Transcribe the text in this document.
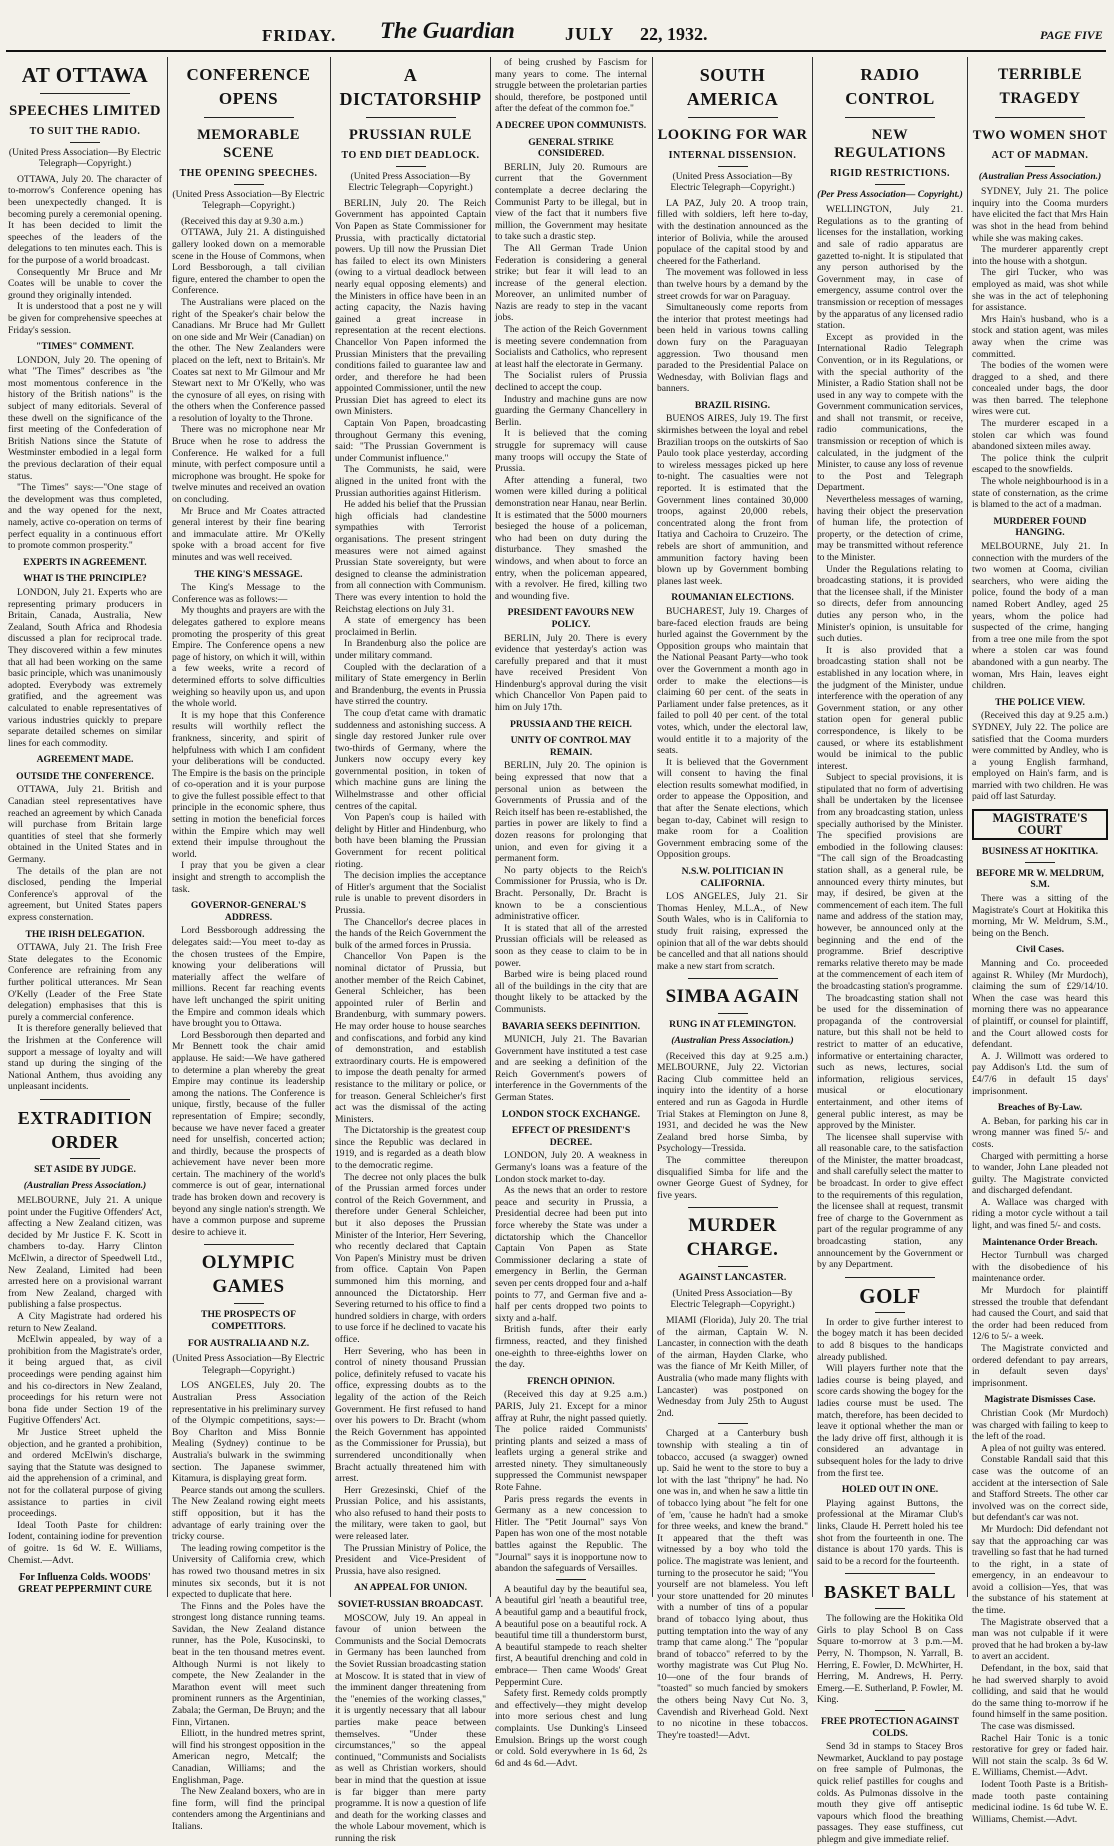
FRIDAY. The Guardian	JULY 22, 1932.	PAGE FIVE
AT OTTAWA
SPEECHES LIMITED
TO SUIT THE RADIO.
(United Press Association—By Electric Telegraph—Copyright.)

OTTAWA, July 20. The character of to-morrow's Conference opening has been unexpectedly changed. It is becoming purely a ceremonial opening. It has been decided to limit the speeches of the leaders of the delegations to ten minutes each. This is for the purpose of a world broadcast.

Consequently Mr Bruce and Mr Coates will be unable to cover the ground they originally intended.

It is understood that a post ne y will be given for comprehensive speeches at Friday's session.

"TIMES" COMMENT.

LONDON, July 20. The opening of what "The Times" describes as "the most momentous conference in the history of the British nations" is the subject of many editorials. Several of these dwell on the significance of the first meeting of the Confederation of British Nations since the Statute of Westminster embodied in a legal form the previous declaration of their equal status.

"The Times" says:—"One stage of the development was thus completed, and the way opened for the next, namely, active co-operation on terms of perfect equality in a continuous effort to promote common prosperity."

EXPERTS IN AGREEMENT.
WHAT IS THE PRINCIPLE?

LONDON, July 21. Experts who are representing primary producers in Britain, Canada, Australia, New Zealand, South Africa and Rhodesia discussed a plan for reciprocal trade. They discovered within a few minutes that all had been working on the same basic principle, which was unanimously adopted. Everybody was extremely gratified, and the agreement was calculated to enable representatives of various industries quickly to prepare separate detailed schemes on similar lines for each commodity.

AGREEMENT MADE.
OUTSIDE THE CONFERENCE.

OTTAWA, July 21. British and Canadian steel representatives have reached an agreement by which Canada will purchase from Britain large quantities of steel that she formerly obtained in the United States and in Germany.

The details of the plan are not disclosed, pending the Imperial Conference's approval of the agreement, but United States papers express consternation.

THE IRISH DELEGATION.

OTTAWA, July 21. The Irish Free State delegates to the Economic Conference are refraining from any further political utterances. Mr Sean O'Kelly (Leader of the Free State delegation) emphasises that this is purely a commercial conference.

It is therefore generally believed that the Irishmen at the Conference will support a message of loyalty and will stand up during the singing of the National Anthem, thus avoiding any unpleasant incidents.

EXTRADITION ORDER
SET ASIDE BY JUDGE.
(Australian Press Association.)

MELBOURNE, July 21. A unique point under the Fugitive Offenders' Act, affecting a New Zealand citizen, was decided by Mr Justice F. K. Scott in chambers to-day. Harry Clinton McElwin, a director of Speedwell Ltd., New Zealand, Limited had been arrested here on a provisional warrant from New Zealand, charged with publishing a false prospectus.

A City Magistrate had ordered his return to New Zealand.

McElwin appealed, by way of a prohibition from the Magistrate's order, it being argued that, as civil proceedings were pending against him and his co-directors in New Zealand, proceedings for his return were not bona fide under Section 19 of the Fugitive Offenders' Act.

Mr Justice Street upheld the objection, and he granted a prohibition, and ordered McElwin's discharge, saying that the Statute was designed to aid the apprehension of a criminal, and not for the collateral purpose of giving assistance to parties in civil proceedings.

Ideal Tooth Paste for children: Iodent, containing iodine for prevention of goitre. 1s 6d W. E. Williams, Chemist.—Advt.

For Influenza Colds. WOODS' GREAT PEPPERMINT CURE
CONFERENCE OPENS
MEMORABLE SCENE
THE OPENING SPEECHES.
(United Press Association—By Electric Telegraph—Copyright.)

(Received this day at 9.30 a.m.)

OTTAWA, July 21. A distinguished gallery looked down on a memorable scene in the House of Commons, when Lord Bessborough, a tall civilian figure, entered the chamber to open the Conference.

The Australians were placed on the right of the Speaker's chair below the Canadians. Mr Bruce had Mr Gullett on one side and Mr Weir (Canadian) on the other. The New Zealanders were placed on the left, next to Britain's. Mr Coates sat next to Mr Gilmour and Mr Stewart next to Mr O'Kelly, who was the cynosure of all eyes, on rising with the others when the Conference passed a resolution of loyalty to the Throne.

There was no microphone near Mr Bruce when he rose to address the Conference. He walked for a full minute, with perfect composure until a microphone was brought. He spoke for twelve minutes and received an ovation on concluding.

Mr Bruce and Mr Coates attracted general interest by their fine bearing and immaculate attire. Mr O'Kelly spoke with a broad accent for five minutes and was well received.

THE KING'S MESSAGE.

The King's Message to the Conference was as follows:—

My thoughts and prayers are with the delegates gathered to explore means promoting the prosperity of this great Empire. The Conference opens a new page of history, on which it will, within a few weeks, write a record of determined efforts to solve difficulties weighing so heavily upon us, and upon the whole world.

It is my hope that this Conference results will worthily reflect the frankness, sincerity, and spirit of helpfulness with which I am confident your deliberations will be conducted. The Empire is the basis on the principle of co-operation and it is your purpose to give the fullest possible effect to that principle in the economic sphere, thus setting in motion the beneficial forces within the Empire which may well extend their impulse throughout the world.

I pray that you be given a clear insight and strength to accomplish the task.

GOVERNOR-GENERAL'S ADDRESS.

Lord Bessborough addressing the delegates said:—You meet to-day as the chosen trustees of the Empire, knowing your deliberations will materially affect the welfare of millions. Recent far reaching events have left unchanged the spirit uniting the Empire and common ideals which have brought you to Ottawa.

Lord Bessborough then departed and Mr Bennett took the chair amid applause. He said:—We have gathered to determine a plan whereby the great Empire may continue its leadership among the nations. The Conference is unique, firstly, because of the fuller representation of Empire; secondly, because we have never faced a greater need for unselfish, concerted action; and thirdly, because the prospects of achievement have never been more certain. The machinery of the world's commerce is out of gear, international trade has broken down and recovery is beyond any single nation's strength. We have a common purpose and supreme desire to achieve it.

OLYMPIC GAMES
THE PROSPECTS OF COMPETITORS.
FOR AUSTRALIA AND N.Z.
(United Press Association—By Electric Telegraph—Copyright.)

LOS ANGELES, July 20. The Australian Press Association representative in his preliminary survey of the Olympic competitions, says:— Boy Charlton and Miss Bonnie Mealing (Sydney) continue to be Australia's bulwark in the swimming section. The Japanese swimmer, Kitamura, is displaying great form.

Pearce stands out among the scullers. The New Zealand rowing eight meets stiff opposition, but it has the advantage of early training over the tricky course.

The leading rowing competitor is the University of California crew, which has rowed two thousand metres in six minutes six seconds, but it is not expected to duplicate that here.

The Finns and the Poles have the strongest long distance running teams. Savidan, the New Zealand distance runner, has the Pole, Kusocinski, to beat in the ten thousand metres event. Although Nurmi is not likely to compete, the New Zealander in the Marathon event will meet such prominent runners as the Argentinian, Zabala; the German, De Bruyn; and the Finn, Virtanen.

Elliott, in the hundred metres sprint, will find his strongest opposition in the American negro, Metcalf; the Canadian, Williams; and the Englishman, Page.

The New Zealand boxers, who are in fine form, will find the principal contenders among the Argentinians and Italians.

A DICTATORSHIP
PRUSSIAN RULE
TO END DIET DEADLOCK.
(United Press Association—By Electric Telegraph—Copyright.)

BERLIN, July 20. The Reich Government has appointed Captain Von Papen as State Commissioner for Prussia, with practically dictatorial powers. Up till now the Prussian Diet has failed to elect its own Ministers (owing to a virtual deadlock between nearly equal opposing elements) and the Ministers in office have been in an acting capacity, the Nazis having gained a great increase in representation at the recent elections. Chancellor Von Papen informed the Prussian Ministers that the prevailing conditions failed to guarantee law and order, and therefore he had been appointed Commissioner, until the new Prussian Diet has agreed to elect its own Ministers.

Captain Von Papen, broadcasting throughout Germany this evening, said: "The Prussian Government is under Communist influence."

The Communists, he said, were aligned in the united front with the Prussian authorities against Hitlerism.

He added his belief that the Prussian high officials had clandestine sympathies with Terrorist organisations. The present stringent measures were not aimed against Prussian State sovereignty, but were designed to cleanse the administration from all connection with Communism. There was every intention to hold the Reichstag elections on July 31.

A state of emergency has been proclaimed in Berlin.

In Brandenburg also the police are under military command.

Coupled with the declaration of a military of State emergency in Berlin and Brandenburg, the events in Prussia have stirred the country.

The coup d'etat came with dramatic suddenness and astonishing success. A single day restored Junker rule over two-thirds of Germany, where the Junkers now occupy every key governmental position, in token of which machine guns are lining the Wilhelmstrasse and other official centres of the capital.

Von Papen's coup is hailed with delight by Hitler and Hindenburg, who both have been blaming the Prussian Government for recent political rioting.

The decision implies the acceptance of Hitler's argument that the Socialist rule is unable to prevent disorders in Prussia.

The Chancellor's decree places in the hands of the Reich Government the bulk of the armed forces in Prussia.

Chancellor Von Papen is the nominal dictator of Prussia, but another member of the Reich Cabinet, General Schleicher, has been appointed ruler of Berlin and Brandenburg, with summary powers. He may order house to house searches and confiscations, and forbid any kind of demonstration, and establish extraordinary courts. He is empowered to impose the death penalty for armed resistance to the military or police, or for treason. General Schleicher's first act was the dismissal of the acting Ministers.

The Dictatorship is the greatest coup since the Republic was declared in 1919, and is regarded as a death blow to the democratic regime.

The decree not only places the bulk of the Prussian armed forces under control of the Reich Government, and therefore under General Schleicher, but it also deposes the Prussian Minister of the Interior, Herr Severing, who recently declared that Captain Von Papen's Ministry must be driven from office. Captain Von Papen summoned him this morning, and announced the Dictatorship. Herr Severing returned to his office to find a hundred soldiers in charge, with orders to use force if he declined to vacate his office.

Herr Severing, who has been in control of ninety thousand Prussian police, definitely refused to vacate his office, expressing doubts as to the legality of the action of the Reich Government. He first refused to hand over his powers to Dr. Bracht (whom the Reich Government has appointed as the Commissioner for Prussia), but surrendered unconditionally when Bracht actually threatened him with arrest.

Herr Grezesinski, Chief of the Prussian Police, and his assistants, who also refused to hand their posts to the military, were taken to gaol, but were released later.

The Prussian Ministry of Police, the President and Vice-President of Prussia, have also resigned.

AN APPEAL FOR UNION.
SOVIET-RUSSIAN BROADCAST.

MOSCOW, July 19. An appeal in favour of union between the Communists and the Social Democrats in Germany has been launched from the Soviet Russian broadcasting station at Moscow. It is stated that in view of the imminent danger threatening from the "enemies of the working classes," it is urgently necessary that all labour parties make peace between themselves. "Under these circumstances," so the appeal continued, "Communists and Socialists as well as Christian workers, should bear in mind that the question at issue is far bigger than mere party programme. It is now a question of life and death for the working classes and the whole Labour movement, which is running the risk

of being crushed by Fascism for many years to come. The internal struggle between the proletarian parties should, therefore, be postponed until after the defeat of the common foe."

A DECREE UPON COMMUNISTS.
GENERAL STRIKE CONSIDERED.

BERLIN, July 20. Rumours are current that the Government contemplate a decree declaring the Communist Party to be illegal, but in view of the fact that it numbers five million, the Government may hesitate to take such a drastic step.

The All German Trade Union Federation is considering a general strike; but fear it will lead to an increase of the general election. Moreover, an unlimited number of Nazis are ready to step in the vacant jobs.

The action of the Reich Government is meeting severe condemnation from Socialists and Catholics, who represent at least half the electorate in Germany.

The Socialist rulers of Prussia declined to accept the coup.

Industry and machine guns are now guarding the Germany Chancellery in Berlin.

It is believed that the coming struggle for supremacy will cause many troops will occupy the State of Prussia.

After attending a funeral, two women were killed during a political demonstration near Hanau, near Berlin. It is estimated that the 5000 mourners besieged the house of a policeman, who had been on duty during the disturbance. They smashed the windows, and when about to force an entry, when the policeman appeared, with a revolver. He fired, killing two and wounding five.

PRESIDENT FAVOURS NEW POLICY.

BERLIN, July 20. There is every evidence that yesterday's action was carefully prepared and that it must have received President Von Hindenburg's approval during the visit which Chancellor Von Papen paid to him on July 17th.

PRUSSIA AND THE REICH.
UNITY OF CONTROL MAY REMAIN.

BERLIN, July 20. The opinion is being expressed that now that a personal union as between the Governments of Prussia and of the Reich itself has been re-established, the parties in power are likely to find a dozen reasons for prolonging that union, and even for giving it a permanent form.

No party objects to the Reich's Commissioner for Prussia, who is Dr. Bracht. Personally, Dr. Bracht is known to be a conscientious administrative officer.

It is stated that all of the arrested Prussian officials will be released as soon as they cease to claim to be in power.

Barbed wire is being placed round all of the buildings in the city that are thought likely to be attacked by the Communists.

BAVARIA SEEKS DEFINITION.

MUNICH, July 21. The Bavarian Government have instituted a test case and are seeking a definition of the Reich Government's powers of interference in the Governments of the German States.

LONDON STOCK EXCHANGE.
EFFECT OF PRESIDENT'S DECREE.

LONDON, July 20. A weakness in Germany's loans was a feature of the London stock market to-day.

As the news that an order to restore peace and security in Prussia, a Presidential decree had been put into force whereby the State was under a dictatorship which the Chancellor Captain Von Papen as State Commissioner declaring a state of emergency in Berlin, the German seven per cents dropped four and a-half points to 77, and German five and a-half per cents dropped two points to sixty and a-half.

British funds, after their early firmness, reacted, and they finished one-eighth to three-eighths lower on the day.

FRENCH OPINION.

(Received this day at 9.25 a.m.) PARIS, July 21. Except for a minor affray at Ruhr, the night passed quietly. The police raided Communists' printing plants and seized a mass of leaflets urging a general strike and arrested ninety. They simultaneously suppressed the Communist newspaper Rote Fahne.

Paris press regards the events in Germany as a new concession to Hitler. The "Petit Journal" says Von Papen has won one of the most notable battles against the Republic. The "Journal" says it is inopportune now to abandon the safeguards of Versailles.

A beautiful day by the beautiful sea, A beautiful girl 'neath a beautiful tree, A beautiful gamp and a beautiful frock, A beautiful pose on a beautiful rock. A beautiful time till a thunderstorm burst, A beautiful stampede to reach shelter first, A beautiful drenching and cold in embrace— Then came Woods' Great Peppermint Cure.

Safety first. Remedy colds promptly and effectively—they might develop into more serious chest and lung complaints. Use Dunking's Linseed Emulsion. Brings up the worst cough or cold. Sold everywhere in 1s 6d, 2s 6d and 4s 6d.—Advt.

SOUTH AMERICA
LOOKING FOR WAR
INTERNAL DISSENSION.
(United Press Association—By Electric Telegraph—Copyright.)

LA PAZ, July 20. A troop train, filled with soldiers, left here to-day, with the destination announced as the interior of Bolivia, while the aroused populace of the capital stood by and cheered for the Fatherland.

The movement was followed in less than twelve hours by a demand by the street crowds for war on Paraguay.

Simultaneously come reports from the interior that protest meetings had been held in various towns calling down fury on the Paraguayan aggression. Two thousand men paraded to the Presidential Palace on Wednesday, with Bolivian flags and banners.

BRAZIL RISING.

BUENOS AIRES, July 19. The first skirmishes between the loyal and rebel Brazilian troops on the outskirts of Sao Paulo took place yesterday, according to wireless messages picked up here to-night. The casualties were not reported. It is estimated that the Government lines contained 30,000 troops, against 20,000 rebels, concentrated along the front from Itatiya and Cachoira to Cruzeiro. The rebels are short of ammunition, and ammunition factory having been blown up by Government bombing planes last week.

ROUMANIAN ELECTIONS.

BUCHAREST, July 19. Charges of bare-faced election frauds are being hurled against the Government by the Opposition groups who maintain that the National Peasant Party—who took over the Government a month ago in order to make the elections—is claiming 60 per cent. of the seats in Parliament under false pretences, as it failed to poll 40 per cent. of the total votes, which, under the electoral law, would entitle it to a majority of the seats.

It is believed that the Government will consent to having the final election results somewhat modified, in order to appease the Opposition, and that after the Senate elections, which began to-day, Cabinet will resign to make room for a Coalition Government embracing some of the Opposition groups.

N.S.W. POLITICIAN IN CALIFORNIA.

LOS ANGELES, July 21. Sir Thomas Henley, M.L.A., of New South Wales, who is in California to study fruit raising, expressed the opinion that all of the war debts should be cancelled and that all nations should make a new start from scratch.

SIMBA AGAIN
RUNG IN AT FLEMINGTON.
(Australian Press Association.)

(Received this day at 9.25 a.m.) MELBOURNE, July 22. Victorian Racing Club committee held an inquiry into the identity of a horse entered and run as Gagoda in Hurdle Trial Stakes at Flemington on June 8, 1931, and decided he was the New Zealand bred horse Simba, by Psychology—Tressida.

The committee thereupon disqualified Simba for life and the owner George Guest of Sydney, for five years.

MURDER CHARGE.
AGAINST LANCASTER.
(United Press Association—By Electric Telegraph—Copyright.)

MIAMI (Florida), July 20. The trial of the airman, Captain W. N. Lancaster, in connection with the death of the airman, Hayden Clarke, who was the fiance of Mr Keith Miller, of Australia (who made many flights with Lancaster) was postponed on Wednesday from July 25th to August 2nd.

Charged at a Canterbury bush township with stealing a tin of tobacco, accused (a swagger) owned up. Said he went to the store to buy a lot with the last "thripny" he had. No one was in, and when he saw a little tin of tobacco lying about "he felt for one of 'em, 'cause he hadn't had a smoke for three weeks, and knew the brand." It appeared that the theft was witnessed by a boy who told the police. The magistrate was lenient, and turning to the prosecutor he said; "You yourself are not blameless. You left your store unattended for 20 minutes with a number of tins of a popular brand of tobacco lying about, thus putting temptation into the way of any tramp that came along." The "popular brand of tobacco" referred to by the worthy magistrate was Cut Plug No. 10—one of the four brands of "toasted" so much fancied by smokers the others being Navy Cut No. 3, Cavendish and Riverhead Gold. Next to no nicotine in these tobaccos. They're toasted!—Advt.

RADIO CONTROL
NEW REGULATIONS
RIGID RESTRICTIONS.
(Per Press Association— Copyright.)

WELLINGTON, July 21. Regulations as to the granting of licenses for the installation, working and sale of radio apparatus are gazetted to-night. It is stipulated that any person authorised by the Government may, in case of emergency, assume control over the transmission or reception of messages by the apparatus of any licensed radio station.

Except as provided in the International Radio Telegraph Convention, or in its Regulations, or with the special authority of the Minister, a Radio Station shall not be used in any way to compete with the Government communication services, and shall not transmit, or receive, radio communications, the transmission or reception of which is calculated, in the judgment of the Minister, to cause any loss of revenue to the Post and Telegraph Department.

Nevertheless messages of warning, having their object the preservation of human life, the protection of property, or the detection of crime, may be transmitted without reference to the Minister.

Under the Regulations relating to broadcasting stations, it is provided that the licensee shall, if the Minister so directs, defer from announcing duties any person who, in the Minister's opinion, is unsuitable for such duties.

It is also provided that a broadcasting station shall not be established in any location where, in the judgment of the Minister, undue interference with the operation of any Government station, or any other station open for general public correspondence, is likely to be caused, or where its establishment would be inimical to the public interest.

Subject to special provisions, it is stipulated that no form of advertising shall be undertaken by the licensee from any broadcasting station, unless specially authorised by the Minister. The specified provisions are embodied in the following clauses: "The call sign of the Broadcasting station shall, as a general rule, be announced every thirty minutes, but may, if desired, be given at the commencement of each item. The full name and address of the station may, however, be announced only at the beginning and the end of the programme. Brief descriptive remarks relative thereto may be made at the commencement of each item of the broadcasting station's programme.

The broadcasting station shall not be used for the dissemination of propaganda of the controversial nature, but this shall not be held to restrict to matter of an educative, informative or entertaining character, such as news, lectures, social information, religious services, musical or elocutionary entertainment, and other items of general public interest, as may be approved by the Minister.

The licensee shall supervise with all reasonable care, to the satisfaction of the Minister, the matter broadcast, and shall carefully select the matter to be broadcast. In order to give effect to the requirements of this regulation, the licensee shall at request, transmit free of charge to the Government as part of the regular programme of any broadcasting station, any announcement by the Government or by any Department.

GOLF

In order to give further interest to the bogey match it has been decided to add 8 bisques to the handicaps already published.

Will players further note that the ladies course is being played, and score cards showing the bogey for the ladies course must be used. The match, therefore, has been decided to leave it optional whether the man or the lady drive off first, although it is considered an advantage in subsequent holes for the lady to drive from the first tee.

HOLED OUT IN ONE.

Playing against Buttons, the professional at the Miramar Club's links, Claude H. Perrett holed his tee shot from the fourteenth in one. The distance is about 170 yards. This is said to be a record for the fourteenth.

BASKET BALL

The following are the Hokitika Old Girls to play School B on Cass Square to-morrow at 3 p.m.—M. Perry, N. Thompson, N. Yarrall, B. Herring, E. Fowler, D. McWhirter, H. Herring, M. Andrews, H. Perry. Emerg.—E. Sutherland, P. Fowler, M. King.

FREE PROTECTION AGAINST COLDS.

Send 3d in stamps to Stacey Bros Newmarket, Auckland to pay postage on free sample of Pulmonas, the quick relief pastilles for coughs and colds. As Pulmonas dissolve in the mouth they give off antiseptic vapours which flood the breathing passages. They ease stuffiness, cut phlegm and give immediate relief.

TERRIBLE TRAGEDY
TWO WOMEN SHOT
ACT OF MADMAN.
(Australian Press Association.)

SYDNEY, July 21. The police inquiry into the Cooma murders have elicited the fact that Mrs Hain was shot in the head from behind while she was making cakes.

The murderer apparently crept into the house with a shotgun.

The girl Tucker, who was employed as maid, was shot while she was in the act of telephoning for assistance.

Mrs Hain's husband, who is a stock and station agent, was miles away when the crime was committed.

The bodies of the women were dragged to a shed, and there concealed under bags, the door was then barred. The telephone wires were cut.

The murderer escaped in a stolen car which was found abandoned sixteen miles away.

The police think the culprit escaped to the snowfields.

The whole neighbourhood is in a state of consternation, as the crime is blamed to the act of a madman.

MURDERER FOUND HANGING.

MELBOURNE, July 21. In connection with the murders of the two women at Cooma, civilian searchers, who were aiding the police, found the body of a man named Robert Andley, aged 25 years, whom the police had suspected of the crime, hanging from a tree one mile from the spot where a stolen car was found abandoned with a gun nearby. The woman, Mrs Hain, leaves eight children.

THE POLICE VIEW.

(Received this day at 9.25 a.m.) SYDNEY, July 22. The police are satisfied that the Cooma murders were committed by Andley, who is a young English farmhand, employed on Hain's farm, and is married with two children. He was paid off last Saturday.

MAGISTRATE'S COURT
BUSINESS AT HOKITIKA.
BEFORE MR W. MELDRUM, S.M.

There was a sitting of the Magistrate's Court at Hokitika this morning, Mr W. Meldrum, S.M., being on the Bench.

Civil Cases.

Manning and Co. proceeded against R. Whiley (Mr Murdoch), claiming the sum of £29/14/10. When the case was heard this morning there was no appearance of plaintiff, or counsel for plaintiff, and the Court allowed costs for defendant.

A. J. Willmott was ordered to pay Addison's Ltd. the sum of £4/7/6 in default 15 days' imprisonment.

Breaches of By-Law.

A. Beban, for parking his car in wrong manner was fined 5/- and costs.

Charged with permitting a horse to wander, John Lane pleaded not guilty. The Magistrate convicted and discharged defendant.

A. Wallace was charged with riding a motor cycle without a tail light, and was fined 5/- and costs.

Maintenance Order Breach.

Hector Turnbull was charged with the disobedience of his maintenance order.

Mr Murdoch for plaintiff stressed the trouble that defendant had caused the Court, and said that the order had been reduced from 12/6 to 5/- a week.

The Magistrate convicted and ordered defendant to pay arrears, in default seven days' imprisonment.

Magistrate Dismisses Case.

Christian Cook (Mr Murdoch) was charged with failing to keep to the left of the road.

A plea of not guilty was entered.

Constable Randall said that this case was the outcome of an accident at the intersection of Sale and Stafford Streets. The other car involved was on the correct side, but defendant's car was not.

Mr Murdoch: Did defendant not say that the approaching car was travelling so fast that he had turned to the right, in a state of emergency, in an endeavour to avoid a collision—Yes, that was the substance of his statement at the time.

The Magistrate observed that a man was not culpable if it were proved that he had broken a by-law to avert an accident.

Defendant, in the box, said that he had swerved sharply to avoid colliding, and said that he would do the same thing to-morrow if he found himself in the same position.

The case was dismissed.

Rachel Hair Tonic is a tonic restorative for grey or faded hair. Will not stain the scalp. 3s 6d W. E. Williams, Chemist.—Advt.

Iodent Tooth Paste is a British-made tooth paste containing medicinal iodine. 1s 6d tube W. E. Williams, Chemist.—Advt.
